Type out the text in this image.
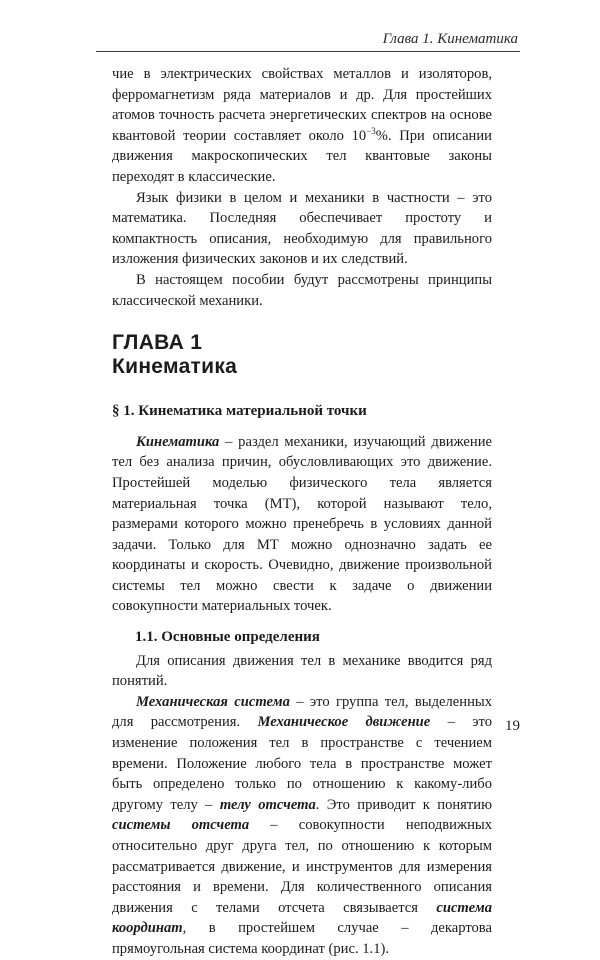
Глава 1. Кинематика

чие в электрических свойствах металлов и изоляторов, ферромагнетизм ряда материалов и др. Для простейших атомов точность расчета энергетических спектров на основе квантовой теории составляет около $10^{-3}\%$. При описании движения макроскопических тел квантовые законы переходят в классические.

Язык физики в целом и механики в частности – это математика. Последняя обеспечивает простоту и компактность описания, необходимую для правильного изложения физических законов и их следствий.

В настоящем пособии будут рассмотрены принципы классической механики.

ГЛАВА 1
Кинематика
§ 1. Кинематика материальной точки

Кинематика – раздел механики, изучающий движение тел без анализа причин, обусловливающих это движение. Простейшей моделью физического тела является материальная точка (МТ), которой называют тело, размерами которого можно пренебречь в условиях данной задачи. Только для МТ можно однозначно задать ее координаты и скорость. Очевидно, движение произвольной системы тел можно свести к задаче о движении совокупности материальных точек.

1.1. Основные определения

Для описания движения тел в механике вводится ряд понятий.

Механическая система – это группа тел, выделенных для рассмотрения. Механическое движение – это изменение положения тел в пространстве с течением времени. Положение любого тела в пространстве может быть определено только по отношению к какому-либо другому телу – телу отсчета. Это приводит к понятию системы отсчета – совокупности неподвижных относительно друг друга тел, по отношению к которым рассматривается движение, и инструментов для измерения расстояния и времени. Для количественного описания движения с телами отсчета связывается система координат, в простейшем случае – декартова прямоугольная система координат (рис. 1.1).

19
